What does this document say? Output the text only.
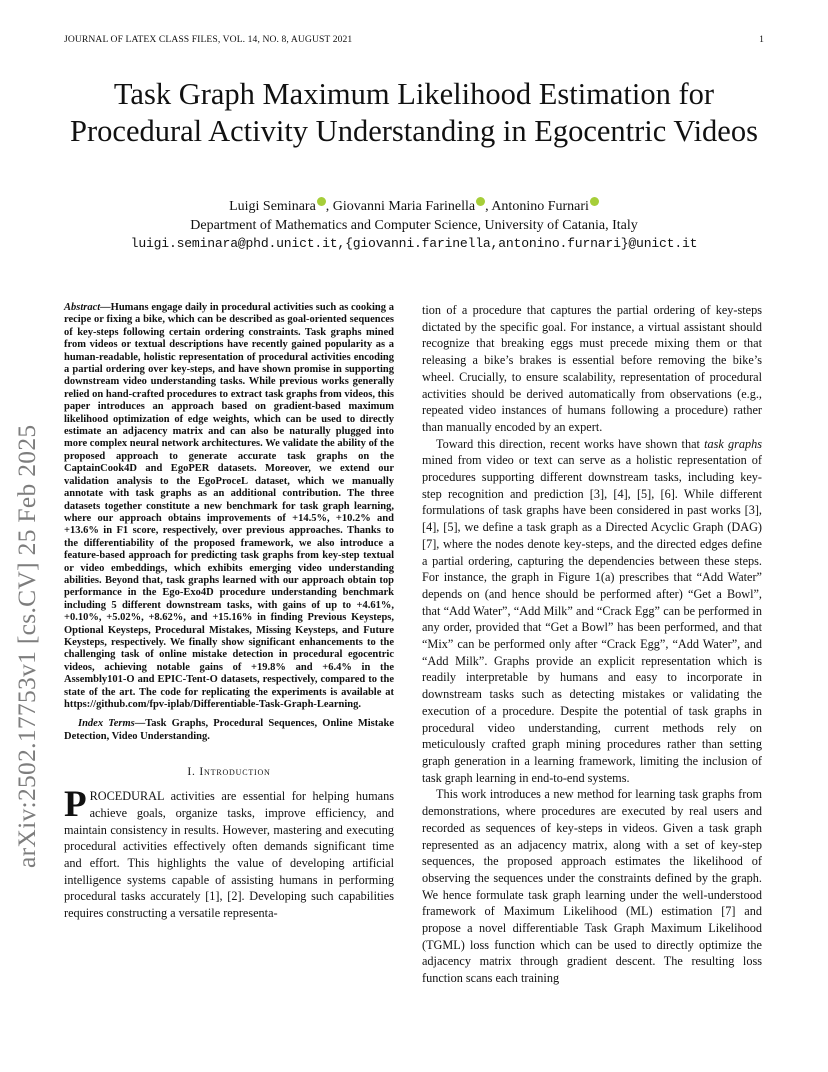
JOURNAL OF LATEX CLASS FILES, VOL. 14, NO. 8, AUGUST 2021	1
Task Graph Maximum Likelihood Estimation for Procedural Activity Understanding in Egocentric Videos
Luigi Seminara , Giovanni Maria Farinella , Antonino Furnari
Department of Mathematics and Computer Science, University of Catania, Italy
luigi.seminara@phd.unict.it,{giovanni.farinella,antonino.furnari}@unict.it
arXiv:2502.17753v1 [cs.CV] 25 Feb 2025

Abstract—Humans engage daily in procedural activities such as cooking a recipe or fixing a bike, which can be described as goal-oriented sequences of key-steps following certain ordering constraints. Task graphs mined from videos or textual descriptions have recently gained popularity as a human-readable, holistic representation of procedural activities encoding a partial ordering over key-steps, and have shown promise in supporting downstream video understanding tasks. While previous works generally relied on hand-crafted procedures to extract task graphs from videos, this paper introduces an approach based on gradient-based maximum likelihood optimization of edge weights, which can be used to directly estimate an adjacency matrix and can also be naturally plugged into more complex neural network architectures. We validate the ability of the proposed approach to generate accurate task graphs on the CaptainCook4D and EgoPER datasets. Moreover, we extend our validation analysis to the EgoProceL dataset, which we manually annotate with task graphs as an additional contribution. The three datasets together constitute a new benchmark for task graph learning, where our approach obtains improvements of +14.5%, +10.2% and +13.6% in F1 score, respectively, over previous approaches. Thanks to the differentiability of the proposed framework, we also introduce a feature-based approach for predicting task graphs from key-step textual or video embeddings, which exhibits emerging video understanding abilities. Beyond that, task graphs learned with our approach obtain top performance in the Ego-Exo4D procedure understanding benchmark including 5 different downstream tasks, with gains of up to +4.61%, +0.10%, +5.02%, +8.62%, and +15.16% in finding Previous Keysteps, Optional Keysteps, Procedural Mistakes, Missing Keysteps, and Future Keysteps, respectively. We finally show significant enhancements to the challenging task of online mistake detection in procedural egocentric videos, achieving notable gains of +19.8% and +6.4% in the Assembly101-O and EPIC-Tent-O datasets, respectively, compared to the state of the art. The code for replicating the experiments is available at https://github.com/fpv-iplab/Differentiable-Task-Graph-Learning.

Index Terms—Task Graphs, Procedural Sequences, Online Mistake Detection, Video Understanding.

I. Introduction

PROCEDURAL activities are essential for helping humans achieve goals, organize tasks, improve efficiency, and maintain consistency in results. However, mastering and executing procedural activities effectively often demands significant time and effort. This highlights the value of developing artificial intelligence systems capable of assisting humans in performing procedural tasks accurately [1], [2]. Developing such capabilities requires constructing a versatile representa-

tion of a procedure that captures the partial ordering of key-steps dictated by the specific goal. For instance, a virtual assistant should recognize that breaking eggs must precede mixing them or that releasing a bike’s brakes is essential before removing the bike’s wheel. Crucially, to ensure scalability, representation of procedural activities should be derived automatically from observations (e.g., repeated video instances of humans following a procedure) rather than manually encoded by an expert.

Toward this direction, recent works have shown that task graphs mined from video or text can serve as a holistic representation of procedures supporting different downstream tasks, including key-step recognition and prediction [3], [4], [5], [6]. While different formulations of task graphs have been considered in past works [3], [4], [5], we define a task graph as a Directed Acyclic Graph (DAG) [7], where the nodes denote key-steps, and the directed edges define a partial ordering, capturing the dependencies between these steps. For instance, the graph in Figure 1(a) prescribes that “Add Water” depends on (and hence should be performed after) “Get a Bowl”, that “Add Water”, “Add Milk” and “Crack Egg” can be performed in any order, provided that “Get a Bowl” has been performed, and that “Mix” can be performed only after “Crack Egg”, “Add Water”, and “Add Milk”. Graphs provide an explicit representation which is readily interpretable by humans and easy to incorporate in downstream tasks such as detecting mistakes or validating the execution of a procedure. Despite the potential of task graphs in procedural video understanding, current methods rely on meticulously crafted graph mining procedures rather than setting graph generation in a learning framework, limiting the inclusion of task graph learning in end-to-end systems.

This work introduces a new method for learning task graphs from demonstrations, where procedures are executed by real users and recorded as sequences of key-steps in videos. Given a task graph represented as an adjacency matrix, along with a set of key-step sequences, the proposed approach estimates the likelihood of observing the sequences under the constraints defined by the graph. We hence formulate task graph learning under the well-understood framework of Maximum Likelihood (ML) estimation [7] and propose a novel differentiable Task Graph Maximum Likelihood (TGML) loss function which can be used to directly optimize the adjacency matrix through gradient descent. The resulting loss function scans each training
